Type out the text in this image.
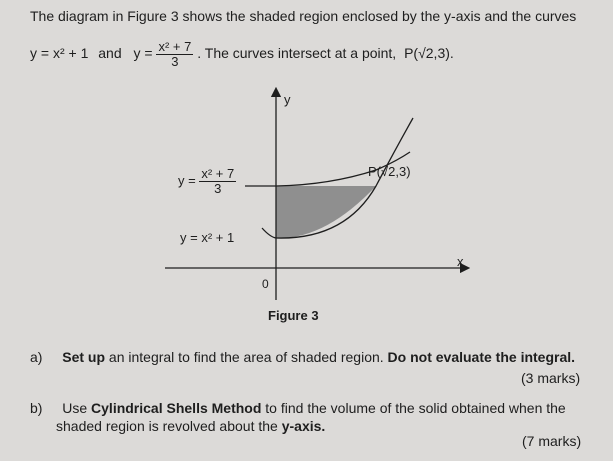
The diagram in Figure 3 shows the shaded region enclosed by the y-axis and the curves
y = x² + 1 and $y = \frac{\text{x² + 7}}{3}$ . The curves intersect at a point, P(√2,3).
y
x
0
$y = \frac{\text{x² + 7}}{3}$
y = x² + 1
P(√2,3)
Figure 3
a) Set up an integral to find the area of shaded region. Do not evaluate the integral.
(3 marks)
b) Use Cylindrical Shells Method to find the volume of the solid obtained when the
shaded region is revolved about the y-axis.
(7 marks)
